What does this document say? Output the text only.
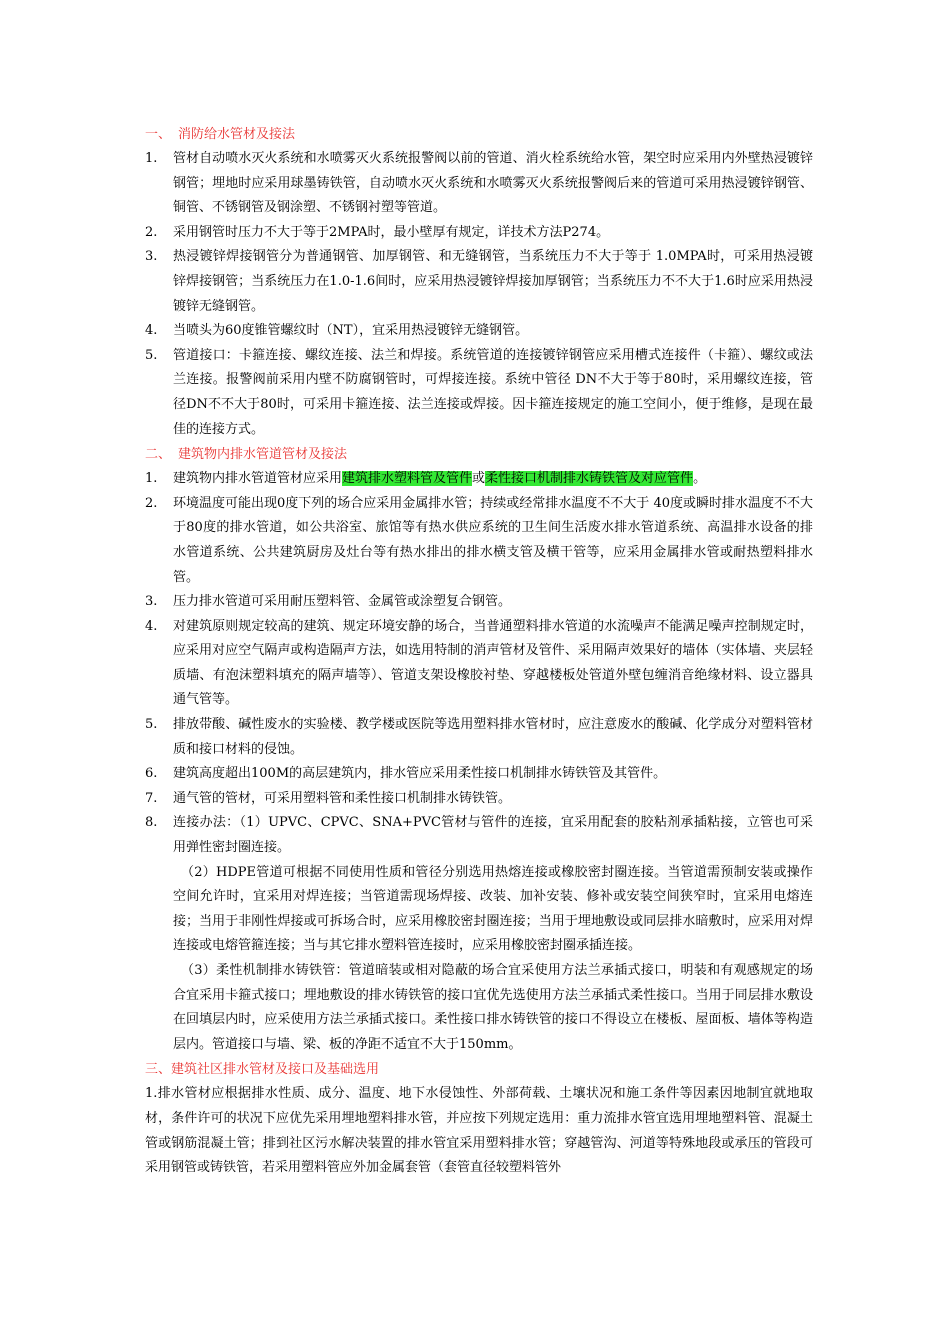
一、 消防给水管材及接法
1. 管材自动喷水灭火系统和水喷雾灭火系统报警阀以前的管道、消火栓系统给水管，架空时应采用内外壁热浸镀锌钢管；埋地时应采用球墨铸铁管，自动喷水灭火系统和水喷雾灭火系统报警阀后来的管道可采用热浸镀锌钢管、铜管、不锈钢管及钢涂塑、不锈钢衬塑等管道。
2. 采用钢管时压力不大于等于2MPA时，最小壁厚有规定，详技术方法P274。
3. 热浸镀锌焊接钢管分为普通钢管、加厚钢管、和无缝钢管，当系统压力不大于等于 1.0MPA时，可采用热浸镀锌焊接钢管；当系统压力在1.0-1.6间时，应采用热浸镀锌焊接加厚钢管；当系统压力不不大于1.6时应采用热浸镀锌无缝钢管。
4. 当喷头为60度锥管螺纹时（NT），宜采用热浸镀锌无缝钢管。
5. 管道接口：卡箍连接、螺纹连接、法兰和焊接。系统管道的连接镀锌钢管应采用槽式连接件（卡箍）、螺纹或法兰连接。报警阀前采用内壁不防腐钢管时，可焊接连接。系统中管径 DN不大于等于80时，采用螺纹连接，管径DN不不大于80时，可采用卡箍连接、法兰连接或焊接。因卡箍连接规定的施工空间小，便于维修，是现在最佳的连接方式。
二、 建筑物内排水管道管材及接法
1. 建筑物内排水管道管材应采用建筑排水塑料管及管件或柔性接口机制排水铸铁管及对应管件。
2. 环境温度可能出现0度下列的场合应采用金属排水管；持续或经常排水温度不不大于 40度或瞬时排水温度不不大于80度的排水管道，如公共浴室、旅馆等有热水供应系统的卫生间生活废水排水管道系统、高温排水设备的排水管道系统、公共建筑厨房及灶台等有热水排出的排水横支管及横干管等，应采用金属排水管或耐热塑料排水管。
3. 压力排水管道可采用耐压塑料管、金属管或涂塑复合钢管。
4. 对建筑原则规定较高的建筑、规定环境安静的场合，当普通塑料排水管道的水流噪声不能满足噪声控制规定时，应采用对应空气隔声或构造隔声方法，如选用特制的消声管材及管件、采用隔声效果好的墙体（实体墙、夹层轻质墙、有泡沫塑料填充的隔声墙等）、管道支架设橡胶衬垫、穿越楼板处管道外壁包缠消音绝缘材料、设立器具通气管等。
5. 排放带酸、碱性废水的实验楼、教学楼或医院等选用塑料排水管材时，应注意废水的酸碱、化学成分对塑料管材质和接口材料的侵蚀。
6. 建筑高度超出100M的高层建筑内，排水管应采用柔性接口机制排水铸铁管及其管件。
7. 通气管的管材，可采用塑料管和柔性接口机制排水铸铁管。
8. 连接办法：（1）UPVC、CPVC、SNA+PVC管材与管件的连接，宜采用配套的胶粘剂承插粘接，立管也可采用弹性密封圈连接。
（2）HDPE管道可根据不同使用性质和管径分别选用热熔连接或橡胶密封圈连接。当管道需预制安装或操作空间允许时，宜采用对焊连接；当管道需现场焊接、改装、加补安装、修补或安装空间狭窄时，宜采用电熔连接；当用于非刚性焊接或可拆场合时，应采用橡胶密封圈连接；当用于埋地敷设或同层排水暗敷时，应采用对焊连接或电熔管箍连接；当与其它排水塑料管连接时，应采用橡胶密封圈承插连接。
（3）柔性机制排水铸铁管：管道暗装或相对隐蔽的场合宜采使用方法兰承插式接口，明装和有观感规定的场合宜采用卡箍式接口；埋地敷设的排水铸铁管的接口宜优先选使用方法兰承插式柔性接口。当用于同层排水敷设在回填层内时，应采使用方法兰承插式接口。柔性接口排水铸铁管的接口不得设立在楼板、屋面板、墙体等构造层内。管道接口与墙、梁、板的净距不适宜不大于150mm。
三、建筑社区排水管材及接口及基础选用
1.排水管材应根据排水性质、成分、温度、地下水侵蚀性、外部荷载、土壤状况和施工条件等因素因地制宜就地取材，条件许可的状况下应优先采用埋地塑料排水管，并应按下列规定选用：重力流排水管宜选用埋地塑料管、混凝土管或钢筋混凝土管；排到社区污水解决装置的排水管宜采用塑料排水管；穿越管沟、河道等特殊地段或承压的管段可采用钢管或铸铁管，若采用塑料管应外加金属套管（套管直径较塑料管外
